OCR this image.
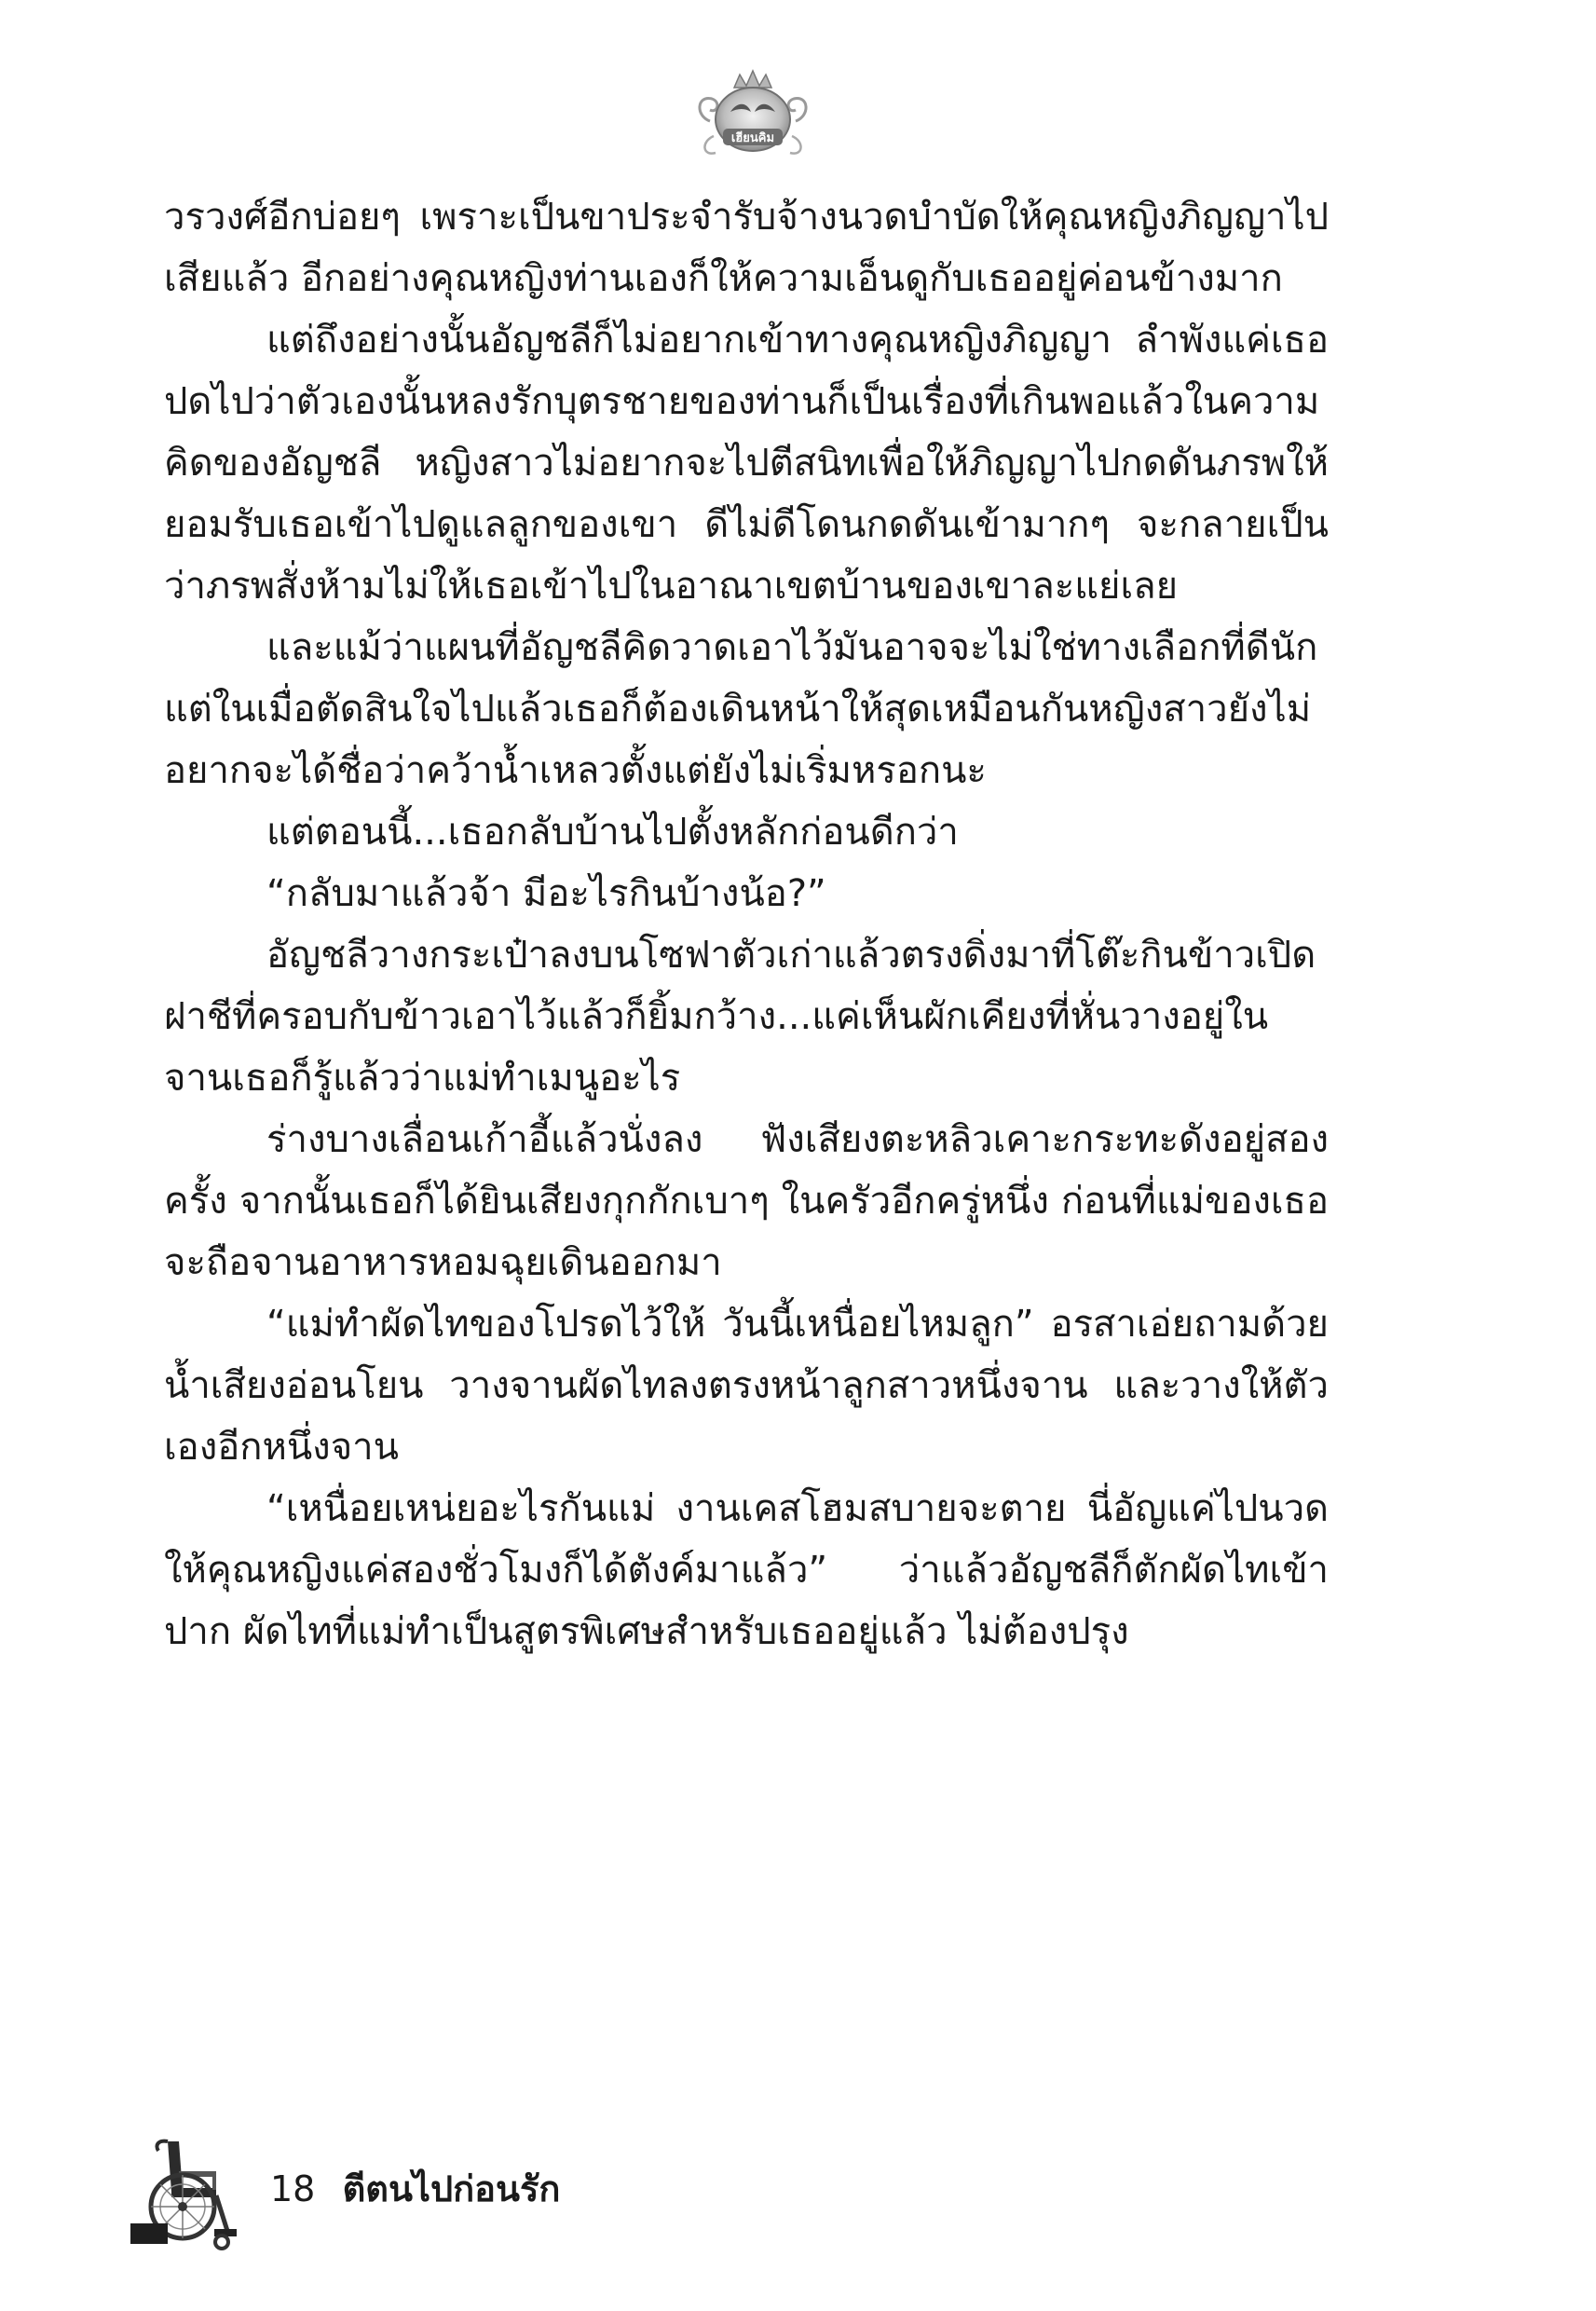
เฮียนคิม

วรวงศ์อีกบ่อยๆ เพราะเป็นขาประจำรับจ้างนวดบำบัดให้คุณหญิงภิญญาไปเสียแล้ว อีกอย่างคุณหญิงท่านเองก็ให้ความเอ็นดูกับเธออยู่ค่อนข้างมาก

แต่ถึงอย่างนั้นอัญชลีก็ไม่อยากเข้าทางคุณหญิงภิญญา ลำพังแค่เธอปดไปว่าตัวเองนั้นหลงรักบุตรชายของท่านก็เป็นเรื่องที่เกินพอแล้วในความคิดของอัญชลี หญิงสาวไม่อยากจะไปตีสนิทเพื่อให้ภิญญาไปกดดันภรพให้ยอมรับเธอเข้าไปดูแลลูกของเขา ดีไม่ดีโดนกดดันเข้ามากๆ จะกลายเป็นว่าภรพสั่งห้ามไม่ให้เธอเข้าไปในอาณาเขตบ้านของเขาละแย่เลย

และแม้ว่าแผนที่อัญชลีคิดวาดเอาไว้มันอาจจะไม่ใช่ทางเลือกที่ดีนัก แต่ในเมื่อตัดสินใจไปแล้วเธอก็ต้องเดินหน้าให้สุดเหมือนกันหญิงสาวยังไม่อยากจะได้ชื่อว่าคว้าน้ำเหลวตั้งแต่ยังไม่เริ่มหรอกนะ

แต่ตอนนี้...เธอกลับบ้านไปตั้งหลักก่อนดีกว่า

“กลับมาแล้วจ้า มีอะไรกินบ้างน้อ?”

อัญชลีวางกระเป๋าลงบนโซฟาตัวเก่าแล้วตรงดิ่งมาที่โต๊ะกินข้าวเปิดฝาชีที่ครอบกับข้าวเอาไว้แล้วก็ยิ้มกว้าง...แค่เห็นผักเคียงที่หั่นวางอยู่ในจานเธอก็รู้แล้วว่าแม่ทำเมนูอะไร

ร่างบางเลื่อนเก้าอี้แล้วนั่งลง ฟังเสียงตะหลิวเคาะกระทะดังอยู่สองครั้ง จากนั้นเธอก็ได้ยินเสียงกุกกักเบาๆ ในครัวอีกครู่หนึ่ง ก่อนที่แม่ของเธอจะถือจานอาหารหอมฉุยเดินออกมา

“แม่ทำผัดไทของโปรดไว้ให้ วันนี้เหนื่อยไหมลูก” อรสาเอ่ยถามด้วยน้ำเสียงอ่อนโยน วางจานผัดไทลงตรงหน้าลูกสาวหนึ่งจาน และวางให้ตัวเองอีกหนึ่งจาน

“เหนื่อยเหน่ยอะไรกันแม่ งานเคสโฮมสบายจะตาย นี่อัญแค่ไปนวดให้คุณหญิงแค่สองชั่วโมงก็ได้ตังค์มาแล้ว” ว่าแล้วอัญชลีก็ตักผัดไทเข้าปาก ผัดไทที่แม่ทำเป็นสูตรพิเศษสำหรับเธออยู่แล้ว ไม่ต้องปรุง

18 ตีตนไปก่อนรัก
